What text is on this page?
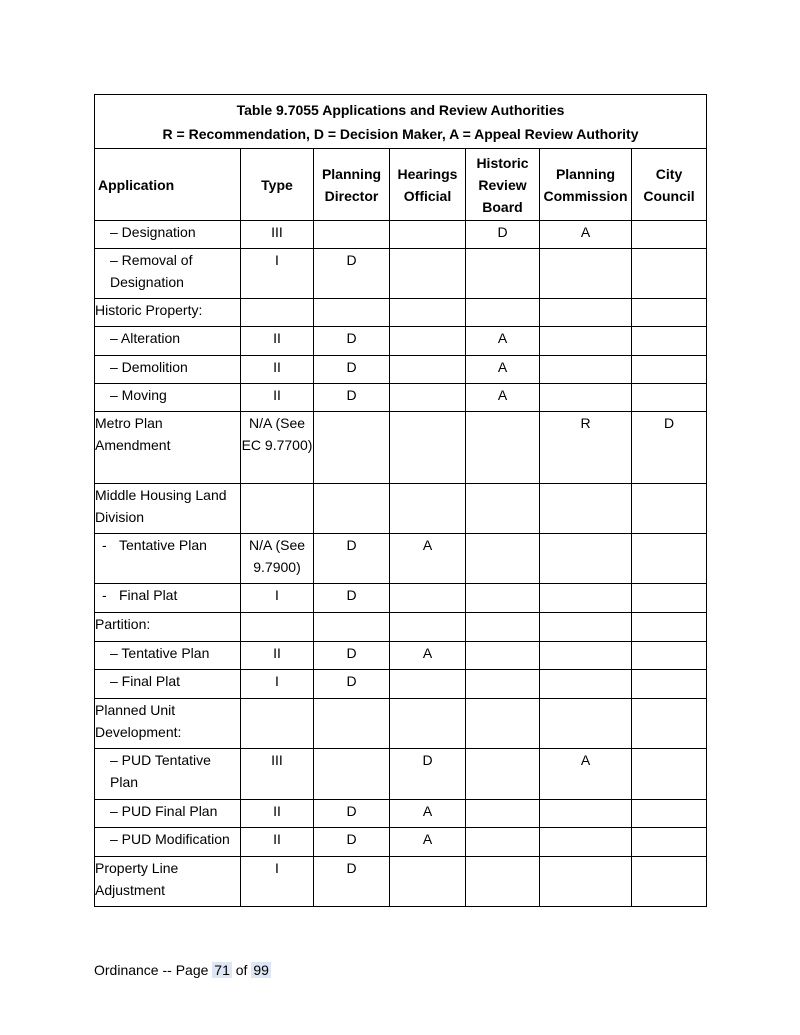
Table 9.7055 Applications and Review Authorities
R = Recommendation, D = Decision Maker, A = Appeal Review Authority						

Application	Type	Planning Director	Hearings Official	Historic Review Board	Planning Commission	City Council

– Designation	III			D	A	

– Removal of Designation	I	D				
Historic Property:						

– Alteration	II	D		A		

– Demolition	II	D		A		

– Moving	II	D		A		
Metro Plan Amendment	N/A (See EC 9.7700)				R	D
Middle Housing Land Division						
- Tentative Plan	N/A (See 9.7900)	D	A			
- Final Plat	I	D				
Partition:						

– Tentative Plan	II	D	A			

– Final Plat	I	D				
Planned Unit Development:						

– PUD Tentative Plan	III		D		A	

– PUD Final Plan	II	D	A			

– PUD Modification	II	D	A			
Property Line Adjustment	I	D				
Ordinance -- Page 71 of 99
